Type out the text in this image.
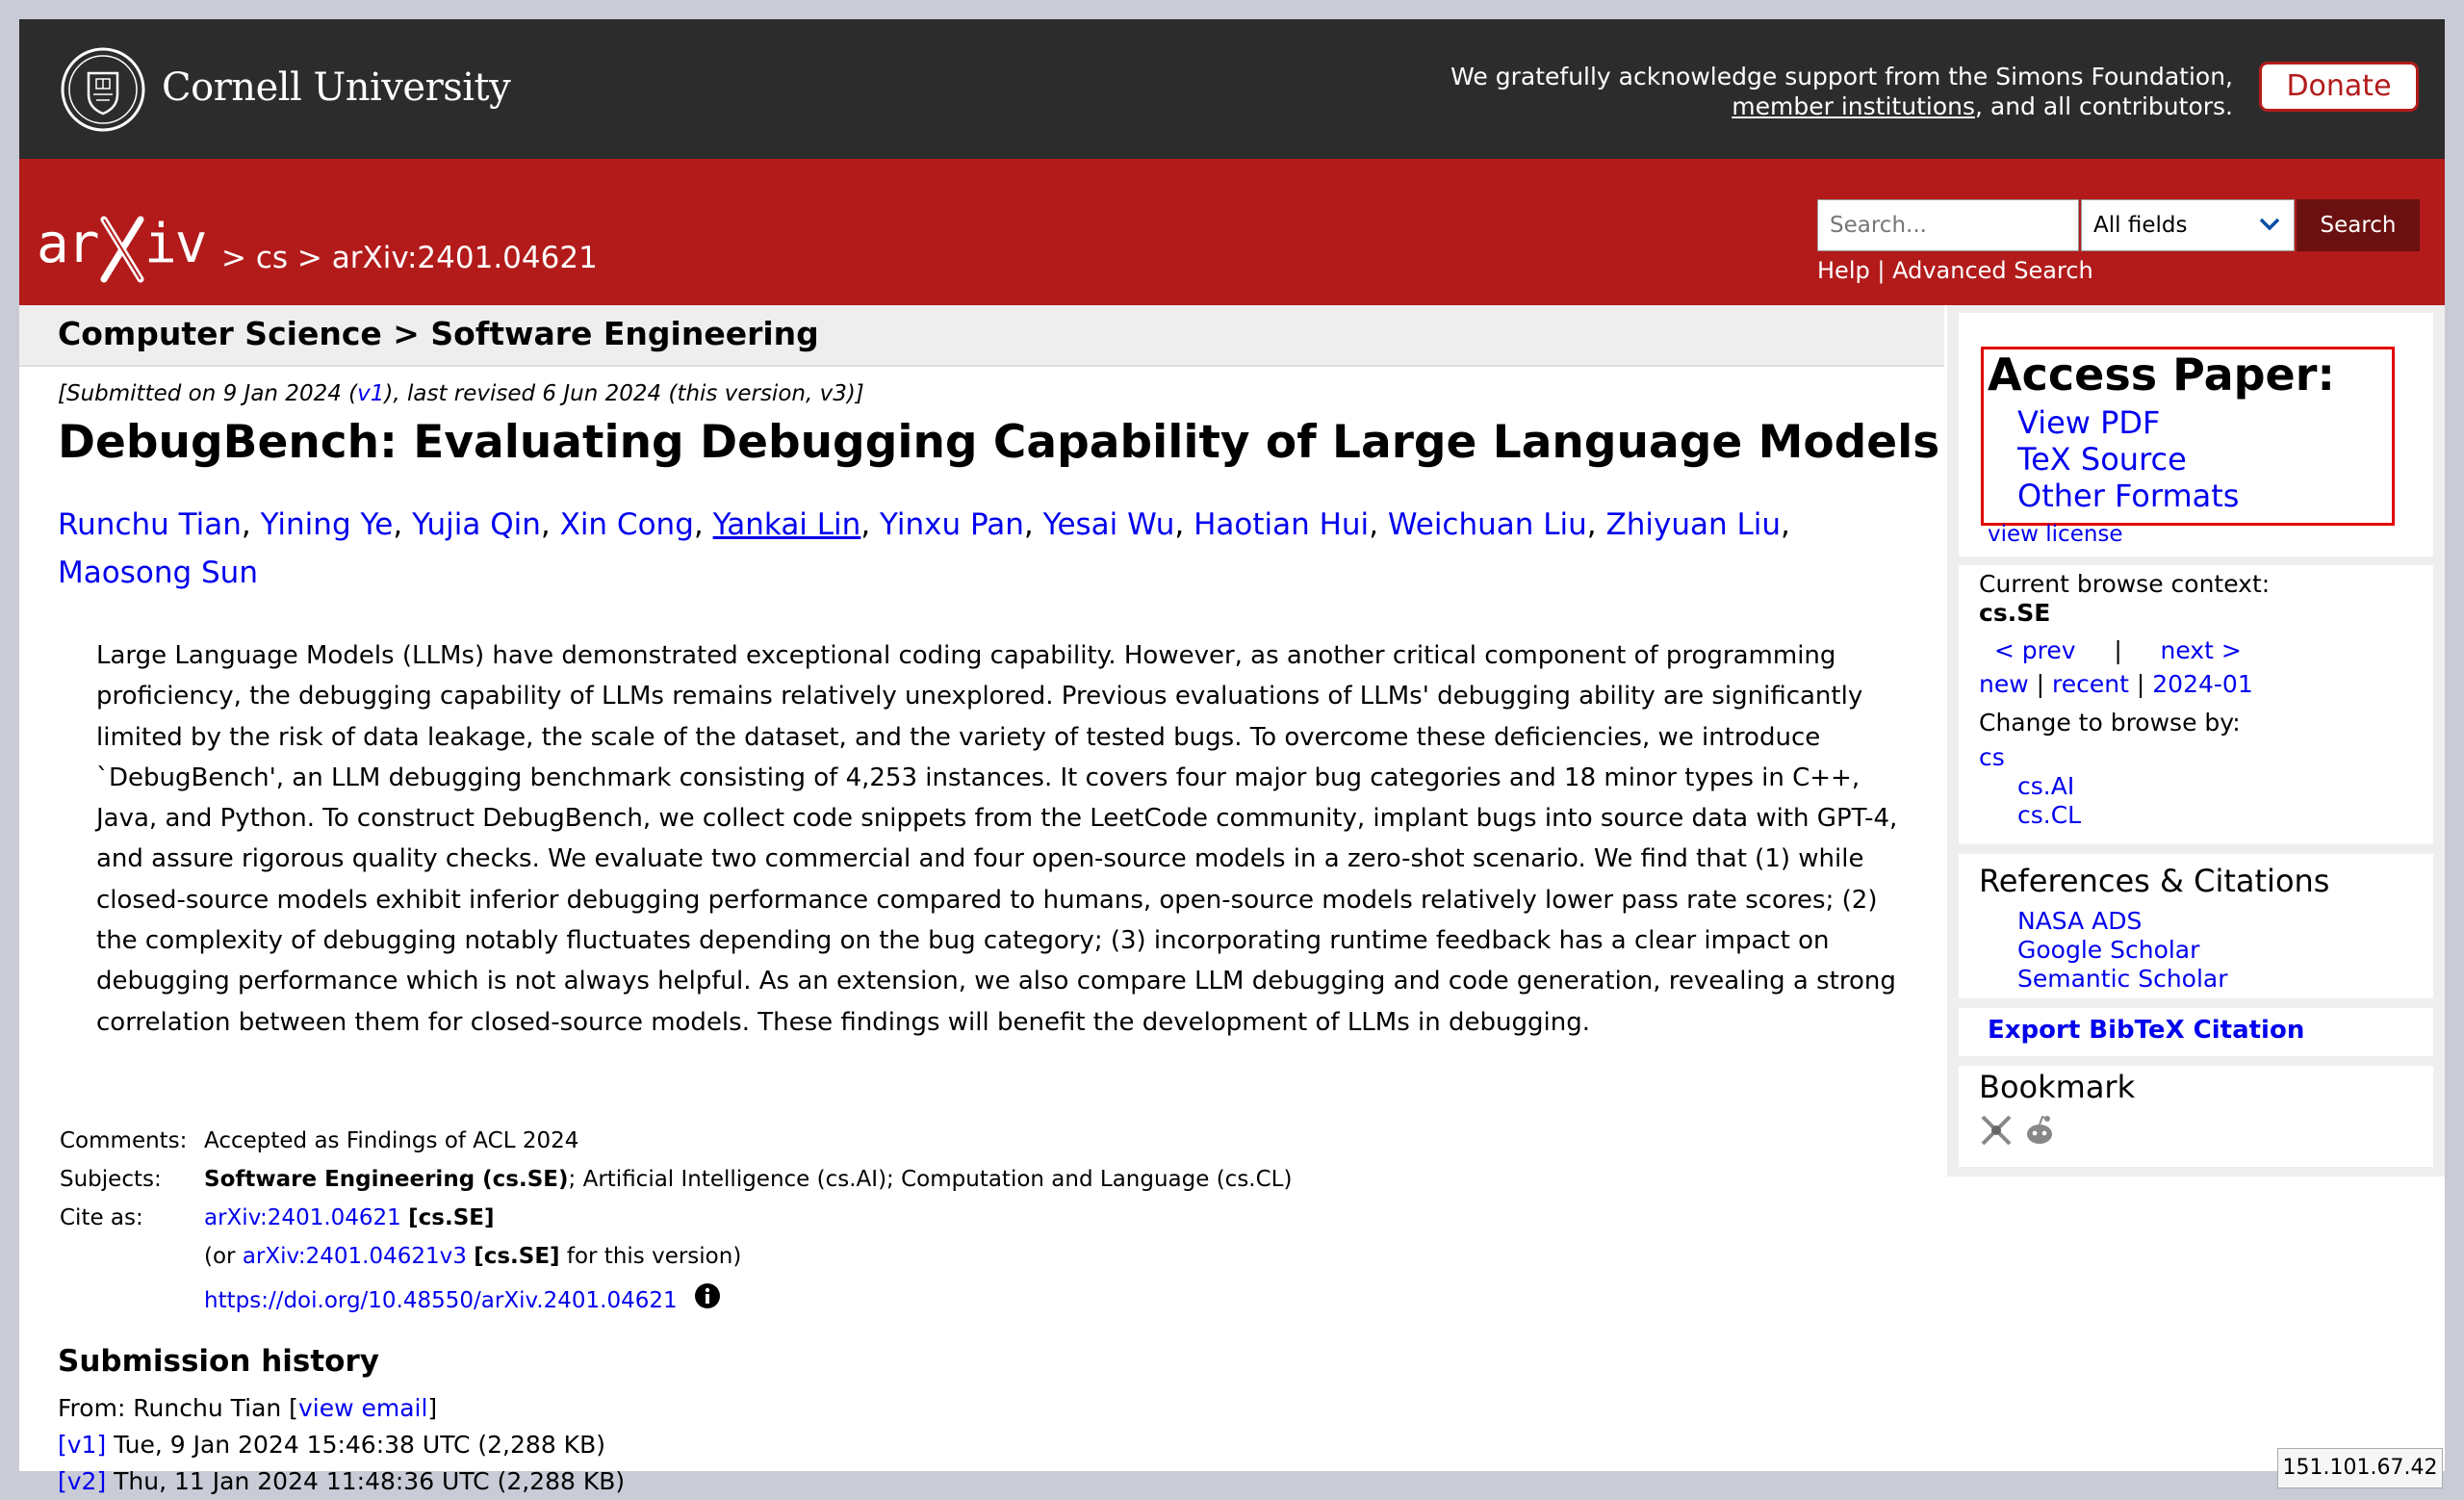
Cornell University	We gratefully acknowledge support from the Simons Foundation,
member institutions, and all contributors.
Donate
ar iv > cs > arXiv:2401.04621
Search...	All fields	Search
Help | Advanced Search
Computer Science > Software Engineering
[Submitted on 9 Jan 2024 (v1), last revised 6 Jun 2024 (this version, v3)]
DebugBench: Evaluating Debugging Capability of Large Language Models
Runchu Tian, Yining Ye, Yujia Qin, Xin Cong, Yankai Lin, Yinxu Pan, Yesai Wu, Haotian Hui, Weichuan Liu, Zhiyuan Liu, Maosong Sun
Large Language Models (LLMs) have demonstrated exceptional coding capability. However, as another critical component of programming proficiency, the debugging capability of LLMs remains relatively unexplored. Previous evaluations of LLMs' debugging ability are significantly limited by the risk of data leakage, the scale of the dataset, and the variety of tested bugs. To overcome these deficiencies, we introduce `DebugBench', an LLM debugging benchmark consisting of 4,253 instances. It covers four major bug categories and 18 minor types in C++, Java, and Python. To construct DebugBench, we collect code snippets from the LeetCode community, implant bugs into source data with GPT-4, and assure rigorous quality checks. We evaluate two commercial and four open-source models in a zero-shot scenario. We find that (1) while closed-source models exhibit inferior debugging performance compared to humans, open-source models relatively lower pass rate scores; (2) the complexity of debugging notably fluctuates depending on the bug category; (3) incorporating runtime feedback has a clear impact on debugging performance which is not always helpful. As an extension, we also compare LLM debugging and code generation, revealing a strong correlation between them for closed-source models. These findings will benefit the development of LLMs in debugging.
Comments: Accepted as Findings of ACL 2024
Subjects:	Software Engineering (cs.SE); Artificial Intelligence (cs.AI); Computation and Language (cs.CL)
Cite as:	arXiv:2401.04621 [cs.SE]
(or arXiv:2401.04621v3 [cs.SE] for this version)
https://doi.org/10.48550/arXiv.2401.04621
Submission history
From: Runchu Tian [view email]
[v1] Tue, 9 Jan 2024 15:46:38 UTC (2,288 KB)
[v2] Thu, 11 Jan 2024 11:48:36 UTC (2,288 KB)
Access Paper:
View PDF
TeX Source
Other Formats
view license
Current browse context:
cs.SE
< prev | next >
new | recent | 2024-01
Change to browse by:
cs
cs.AI
cs.CL
References & Citations
NASA ADS
Google Scholar
Semantic Scholar
Export BibTeX Citation
Bookmark

151.101.67.42
